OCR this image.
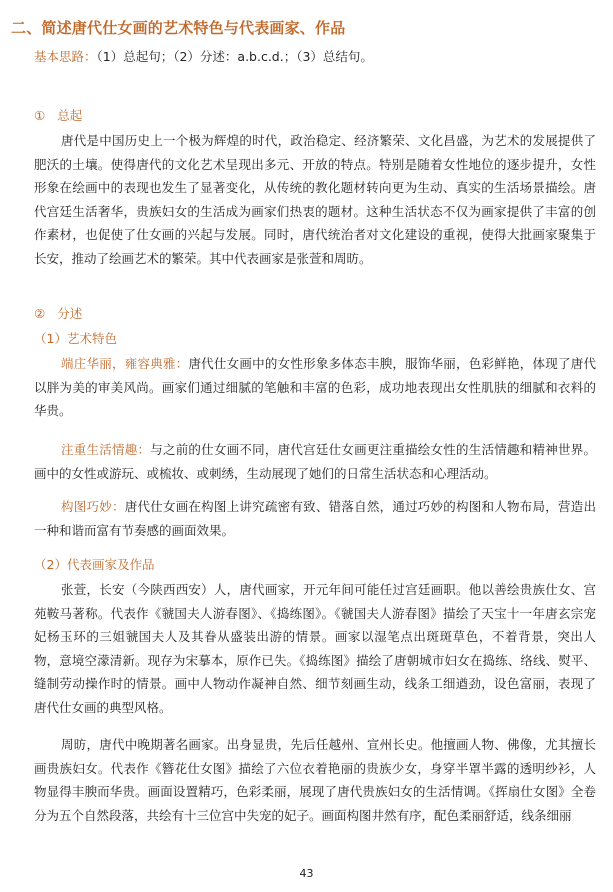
二、简述唐代仕女画的艺术特色与代表画家、作品
基本思路：（1）总起句；（2）分述：a.b.c.d.；（3）总结句。
① 总起

唐代是中国历史上一个极为辉煌的时代，政治稳定、经济繁荣、文化昌盛，为艺术的发展提供了肥沃的土壤。使得唐代的文化艺术呈现出多元、开放的特点。特别是随着女性地位的逐步提升，女性形象在绘画中的表现也发生了显著变化，从传统的教化题材转向更为生动、真实的生活场景描绘。唐代宫廷生活奢华，贵族妇女的生活成为画家们热衷的题材。这种生活状态不仅为画家提供了丰富的创作素材，也促使了仕女画的兴起与发展。同时，唐代统治者对文化建设的重视，使得大批画家聚集于长安，推动了绘画艺术的繁荣。其中代表画家是张萱和周昉。

② 分述
（1）艺术特色

端庄华丽，雍容典雅：唐代仕女画中的女性形象多体态丰腴，服饰华丽，色彩鲜艳，体现了唐代以胖为美的审美风尚。画家们通过细腻的笔触和丰富的色彩，成功地表现出女性肌肤的细腻和衣料的华贵。

注重生活情趣：与之前的仕女画不同，唐代宫廷仕女画更注重描绘女性的生活情趣和精神世界。画中的女性或游玩、或梳妆、或刺绣，生动展现了她们的日常生活状态和心理活动。

构图巧妙：唐代仕女画在构图上讲究疏密有致、错落自然，通过巧妙的构图和人物布局，营造出一种和谐而富有节奏感的画面效果。

（2）代表画家及作品

张萱，长安（今陕西西安）人，唐代画家，开元年间可能任过宫廷画职。他以善绘贵族仕女、宫苑鞍马著称。代表作《虢国夫人游春图》、《捣练图》。《虢国夫人游春图》描绘了天宝十一年唐玄宗宠妃杨玉环的三姐虢国夫人及其眷从盛装出游的情景。画家以湿笔点出斑斑草色，不着背景，突出人物，意境空濛清新。现存为宋摹本，原作已失。《捣练图》描绘了唐朝城市妇女在捣练、络线、熨平、缝制劳动操作时的情景。画中人物动作凝神自然、细节刻画生动，线条工细遒劲，设色富丽，表现了唐代仕女画的典型风格。

周昉，唐代中晚期著名画家。出身显贵，先后任越州、宣州长史。他擅画人物、佛像，尤其擅长画贵族妇女。代表作《簪花仕女图》描绘了六位衣着艳丽的贵族少女，身穿半罩半露的透明纱衫，人物显得丰腴而华贵。画面设置精巧，色彩柔丽，展现了唐代贵族妇女的生活情调。《挥扇仕女图》全卷分为五个自然段落，共绘有十三位宫中失宠的妃子。画面构图井然有序，配色柔丽舒适，线条细丽

43
